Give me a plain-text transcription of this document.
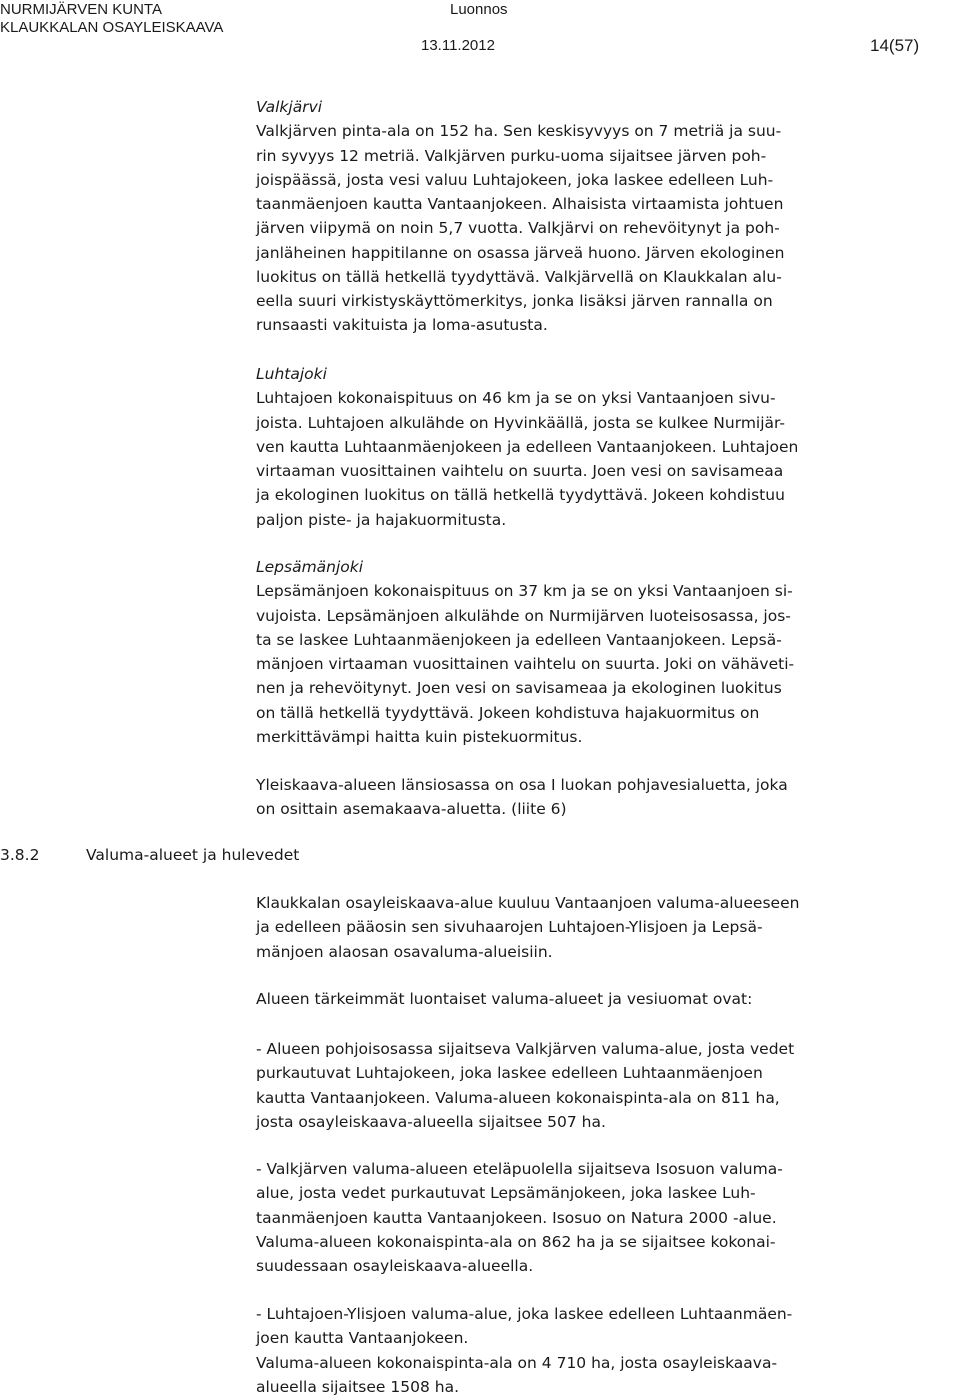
NURMIJÄRVEN KUNTA
KLAUKKALAN OSAYLEISKAAVA
Luonnos
13.11.2012	14(57)
Valkjärvi

Valkjärven pinta-ala on 152 ha. Sen keskisyvyys on 7 metriä ja suu-
rin syvyys 12 metriä. Valkjärven purku-uoma sijaitsee järven poh-
joispäässä, josta vesi valuu Luhtajokeen, joka laskee edelleen Luh-
taanmäenjoen kautta Vantaanjokeen. Alhaisista virtaamista johtuen
järven viipymä on noin 5,7 vuotta. Valkjärvi on rehevöitynyt ja poh-
janläheinen happitilanne on osassa järveä huono. Järven ekologinen
luokitus on tällä hetkellä tyydyttävä. Valkjärvellä on Klaukkalan alu-
eella suuri virkistyskäyttömerkitys, jonka lisäksi järven rannalla on
runsaasti vakituista ja loma-asutusta.

Luhtajoki

Luhtajoen kokonaispituus on 46 km ja se on yksi Vantaanjoen sivu-
joista. Luhtajoen alkulähde on Hyvinkäällä, josta se kulkee Nurmijär-
ven kautta Luhtaanmäenjokeen ja edelleen Vantaanjokeen. Luhtajoen
virtaaman vuosittainen vaihtelu on suurta. Joen vesi on savisameaa
ja ekologinen luokitus on tällä hetkellä tyydyttävä. Jokeen kohdistuu
paljon piste- ja hajakuormitusta.

Lepsämänjoki

Lepsämänjoen kokonaispituus on 37 km ja se on yksi Vantaanjoen si-
vujoista. Lepsämänjoen alkulähde on Nurmijärven luoteisosassa, jos-
ta se laskee Luhtaanmäenjokeen ja edelleen Vantaanjokeen. Lepsä-
mänjoen virtaaman vuosittainen vaihtelu on suurta. Joki on vähäveti-
nen ja rehevöitynyt. Joen vesi on savisameaa ja ekologinen luokitus
on tällä hetkellä tyydyttävä. Jokeen kohdistuva hajakuormitus on
merkittävämpi haitta kuin pistekuormitus.

Yleiskaava-alueen länsiosassa on osa I luokan pohjavesialuetta, joka
on osittain asemakaava-aluetta. (liite 6)

3.8.2	Valuma-alueet ja hulevedet

Klaukkalan osayleiskaava-alue kuuluu Vantaanjoen valuma-alueeseen
ja edelleen pääosin sen sivuhaarojen Luhtajoen-Ylisjoen ja Lepsä-
mänjoen alaosan osavaluma-alueisiin.

Alueen tärkeimmät luontaiset valuma-alueet ja vesiuomat ovat:

- Alueen pohjoisosassa sijaitseva Valkjärven valuma-alue, josta vedet
purkautuvat Luhtajokeen, joka laskee edelleen Luhtaanmäenjoen
kautta Vantaanjokeen. Valuma-alueen kokonaispinta-ala on 811 ha,
josta osayleiskaava-alueella sijaitsee 507 ha.

- Valkjärven valuma-alueen eteläpuolella sijaitseva Isosuon valuma-
alue, josta vedet purkautuvat Lepsämänjokeen, joka laskee Luh-
taanmäenjoen kautta Vantaanjokeen. Isosuo on Natura 2000 -alue.
Valuma-alueen kokonaispinta-ala on 862 ha ja se sijaitsee kokonai-
suudessaan osayleiskaava-alueella.

- Luhtajoen-Ylisjoen valuma-alue, joka laskee edelleen Luhtaanmäen-
joen kautta Vantaanjokeen.
Valuma-alueen kokonaispinta-ala on 4 710 ha, josta osayleiskaava-
alueella sijaitsee 1508 ha.
